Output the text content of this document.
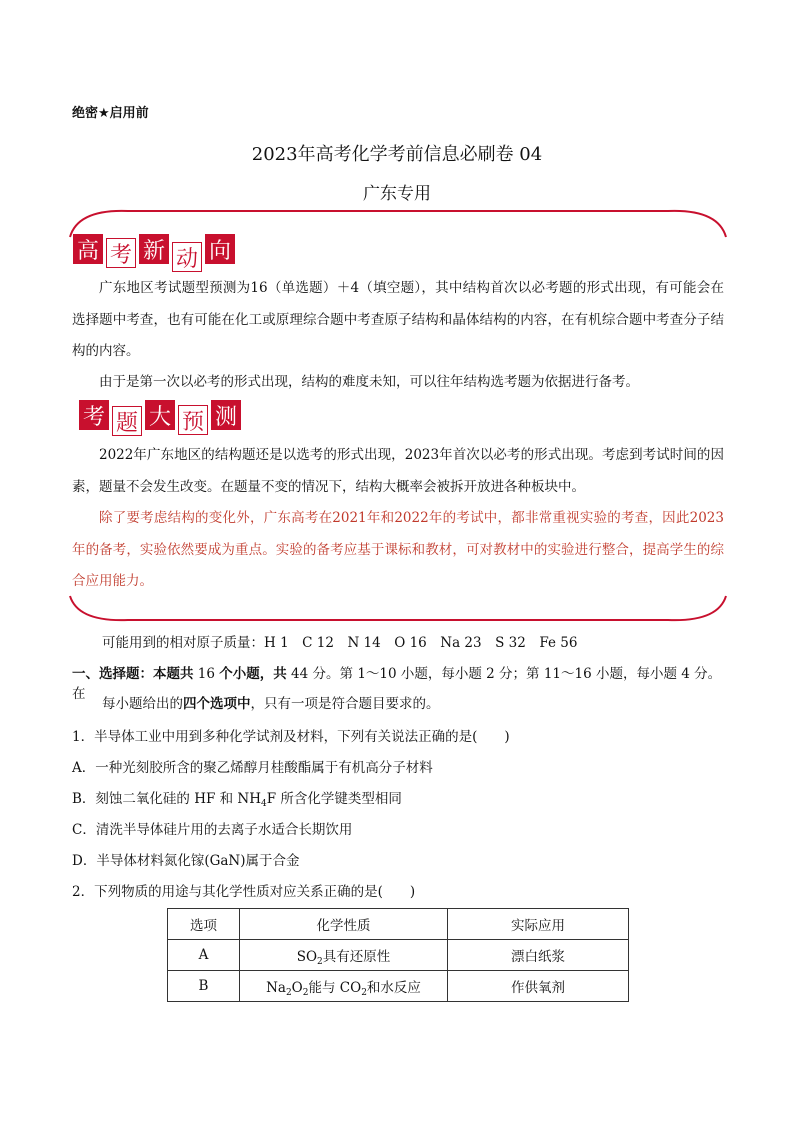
绝密★启用前
2023年高考化学考前信息必刷卷 04
广东专用
高 考 新 动 向
广东地区考试题型预测为16（单选题）＋4（填空题），其中结构首次以必考题的形式出现，有可能会在选择题中考查，也有可能在化工或原理综合题中考查原子结构和晶体结构的内容，在有机综合题中考查分子结构的内容。
由于是第一次以必考的形式出现，结构的难度未知，可以往年结构选考题为依据进行备考。
考 题 大 预 测
2022年广东地区的结构题还是以选考的形式出现，2023年首次以必考的形式出现。考虑到考试时间的因素，题量不会发生改变。在题量不变的情况下，结构大概率会被拆开放进各种板块中。
除了要考虑结构的变化外，广东高考在2021年和2022年的考试中，都非常重视实验的考查，因此2023年的备考，实验依然要成为重点。实验的备考应基于课标和教材，可对教材中的实验进行整合，提高学生的综合应用能力。
可能用到的相对原子质量：H 1　C 12　N 14　O 16　Na 23　S 32　Fe 56
一、选择题：本题共 16 个小题，共 44 分。第 1～10 小题，每小题 2 分；第 11～16 小题，每小题 4 分。在
每小题给出的四个选项中，只有一项是符合题目要求的。
1．半导体工业中用到多种化学试剂及材料，下列有关说法正确的是(　　)
A．一种光刻胶所含的聚乙烯醇月桂酸酯属于有机高分子材料
B．刻蚀二氧化硅的 HF 和 $NH_4F$ 所含化学键类型相同
C．清洗半导体硅片用的去离子水适合长期饮用
D．半导体材料氮化镓(GaN)属于合金
2．下列物质的用途与其化学性质对应关系正确的是(　　)
选项	化学性质	实际应用
A	$SO_2$具有还原性	漂白纸浆
B	$Na_2O_2$能与 $CO_2$和水反应	作供氧剂
